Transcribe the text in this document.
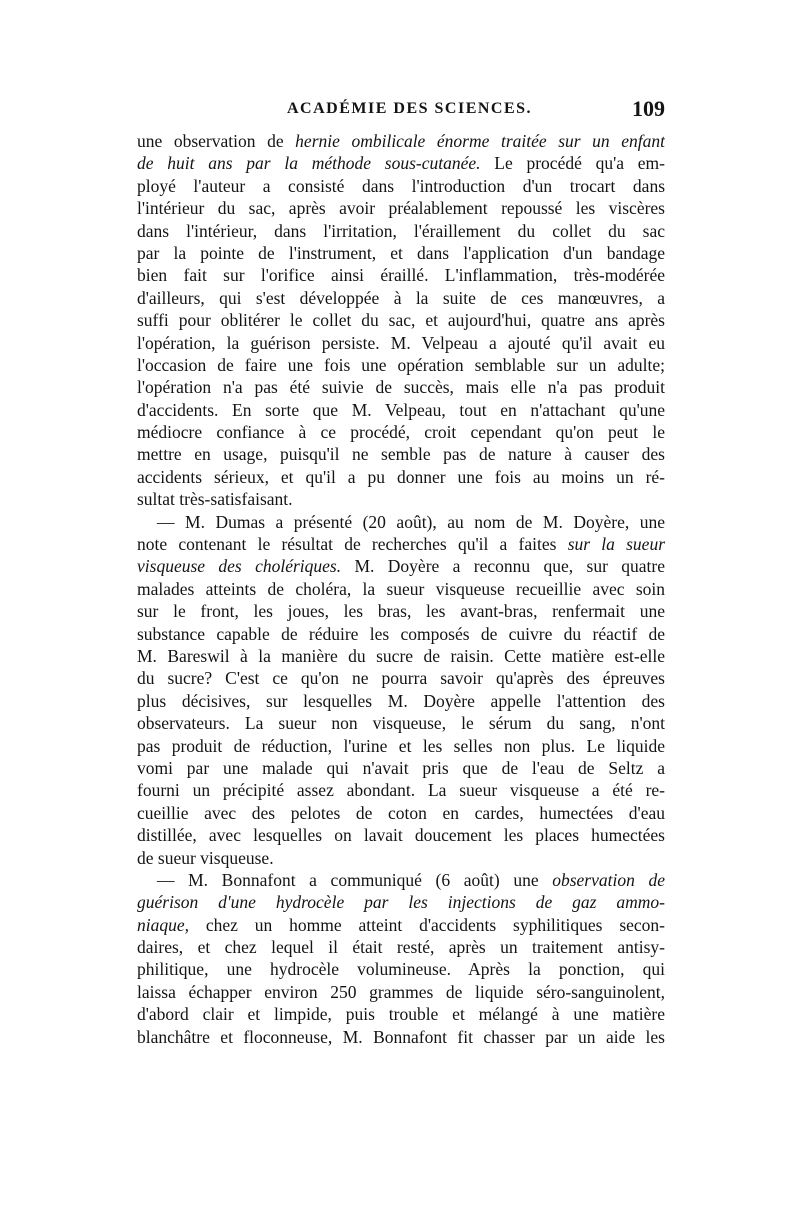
ACADÉMIE DES SCIENCES.	109
une observation de hernie ombilicale énorme traitée sur un enfant
de huit ans par la méthode sous-cutanée. Le procédé qu'a em-
ployé l'auteur a consisté dans l'introduction d'un trocart dans
l'intérieur du sac, après avoir préalablement repoussé les viscères
dans l'intérieur, dans l'irritation, l'éraillement du collet du sac
par la pointe de l'instrument, et dans l'application d'un bandage
bien fait sur l'orifice ainsi éraillé. L'inflammation, très-modérée
d'ailleurs, qui s'est développée à la suite de ces manœuvres, a
suffi pour oblitérer le collet du sac, et aujourd'hui, quatre ans après
l'opération, la guérison persiste. M. Velpeau a ajouté qu'il avait eu
l'occasion de faire une fois une opération semblable sur un adulte;
l'opération n'a pas été suivie de succès, mais elle n'a pas produit
d'accidents. En sorte que M. Velpeau, tout en n'attachant qu'une
médiocre confiance à ce procédé, croit cependant qu'on peut le
mettre en usage, puisqu'il ne semble pas de nature à causer des
accidents sérieux, et qu'il a pu donner une fois au moins un ré-
sultat très-satisfaisant.
— M. Dumas a présenté (20 août), au nom de M. Doyère, une
note contenant le résultat de recherches qu'il a faites sur la sueur
visqueuse des cholériques. M. Doyère a reconnu que, sur quatre
malades atteints de choléra, la sueur visqueuse recueillie avec soin
sur le front, les joues, les bras, les avant-bras, renfermait une
substance capable de réduire les composés de cuivre du réactif de
M. Bareswil à la manière du sucre de raisin. Cette matière est-elle
du sucre? C'est ce qu'on ne pourra savoir qu'après des épreuves
plus décisives, sur lesquelles M. Doyère appelle l'attention des
observateurs. La sueur non visqueuse, le sérum du sang, n'ont
pas produit de réduction, l'urine et les selles non plus. Le liquide
vomi par une malade qui n'avait pris que de l'eau de Seltz a
fourni un précipité assez abondant. La sueur visqueuse a été re-
cueillie avec des pelotes de coton en cardes, humectées d'eau
distillée, avec lesquelles on lavait doucement les places humectées
de sueur visqueuse.
— M. Bonnafont a communiqué (6 août) une observation de
guérison d'une hydrocèle par les injections de gaz ammo-
niaque, chez un homme atteint d'accidents syphilitiques secon-
daires, et chez lequel il était resté, après un traitement antisy-
philitique, une hydrocèle volumineuse. Après la ponction, qui
laissa échapper environ 250 grammes de liquide séro-sanguinolent,
d'abord clair et limpide, puis trouble et mélangé à une matière
blanchâtre et floconneuse, M. Bonnafont fit chasser par un aide les
